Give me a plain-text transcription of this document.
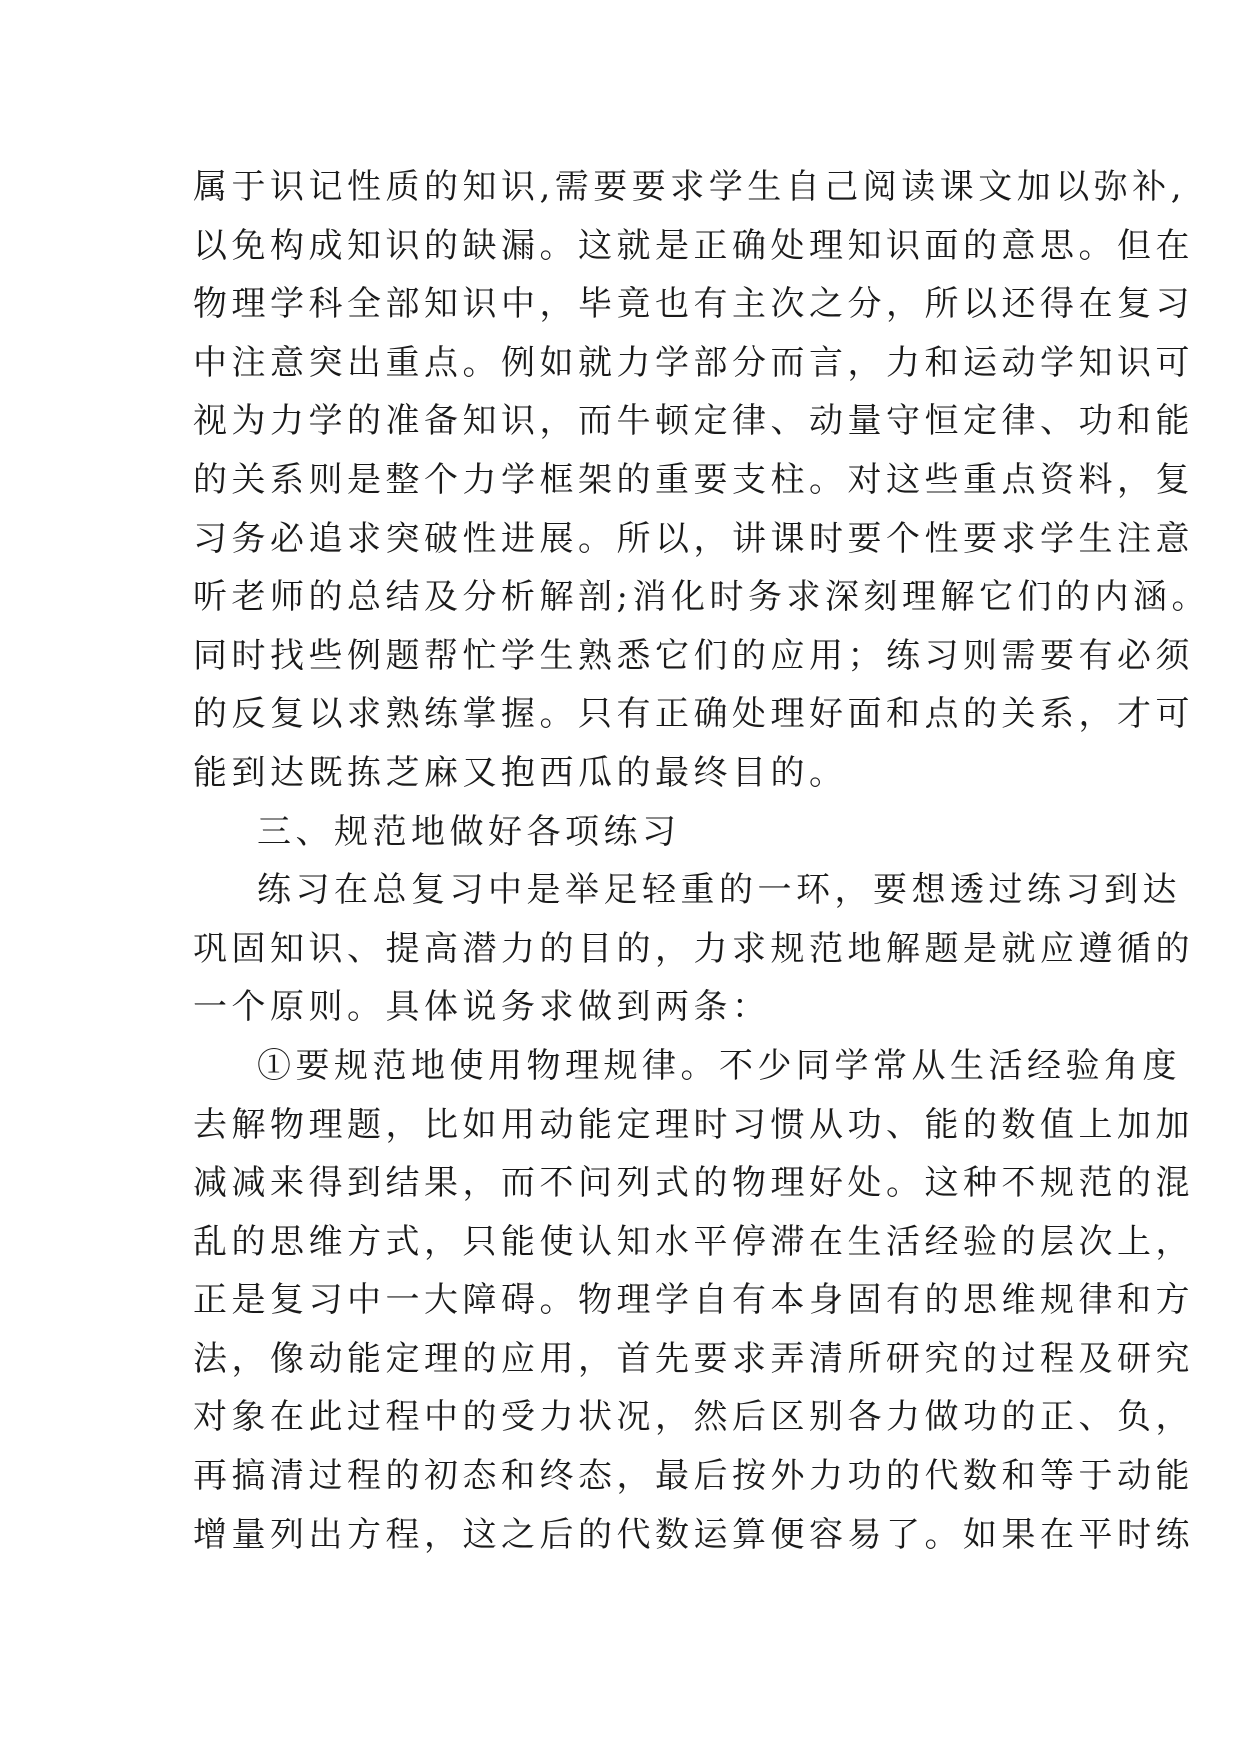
属于识记性质的知识,需要要求学生自己阅读课文加以弥补,
以免构成知识的缺漏。这就是正确处理知识面的意思。但在
物理学科全部知识中，毕竟也有主次之分，所以还得在复习
中注意突出重点。例如就力学部分而言，力和运动学知识可
视为力学的准备知识，而牛顿定律、动量守恒定律、功和能
的关系则是整个力学框架的重要支柱。对这些重点资料，复
习务必追求突破性进展。所以，讲课时要个性要求学生注意
听老师的总结及分析解剖;消化时务求深刻理解它们的内涵。
同时找些例题帮忙学生熟悉它们的应用；练习则需要有必须
的反复以求熟练掌握。只有正确处理好面和点的关系，才可
能到达既拣芝麻又抱西瓜的最终目的。
三、规范地做好各项练习
练习在总复习中是举足轻重的一环，要想透过练习到达
巩固知识、提高潜力的目的，力求规范地解题是就应遵循的
一个原则。具体说务求做到两条：
①要规范地使用物理规律。不少同学常从生活经验角度
去解物理题，比如用动能定理时习惯从功、能的数值上加加
减减来得到结果，而不问列式的物理好处。这种不规范的混
乱的思维方式，只能使认知水平停滞在生活经验的层次上，
正是复习中一大障碍。物理学自有本身固有的思维规律和方
法，像动能定理的应用，首先要求弄清所研究的过程及研究
对象在此过程中的受力状况，然后区别各力做功的正、负，
再搞清过程的初态和终态，最后按外力功的代数和等于动能
增量列出方程，这之后的代数运算便容易了。如果在平时练
